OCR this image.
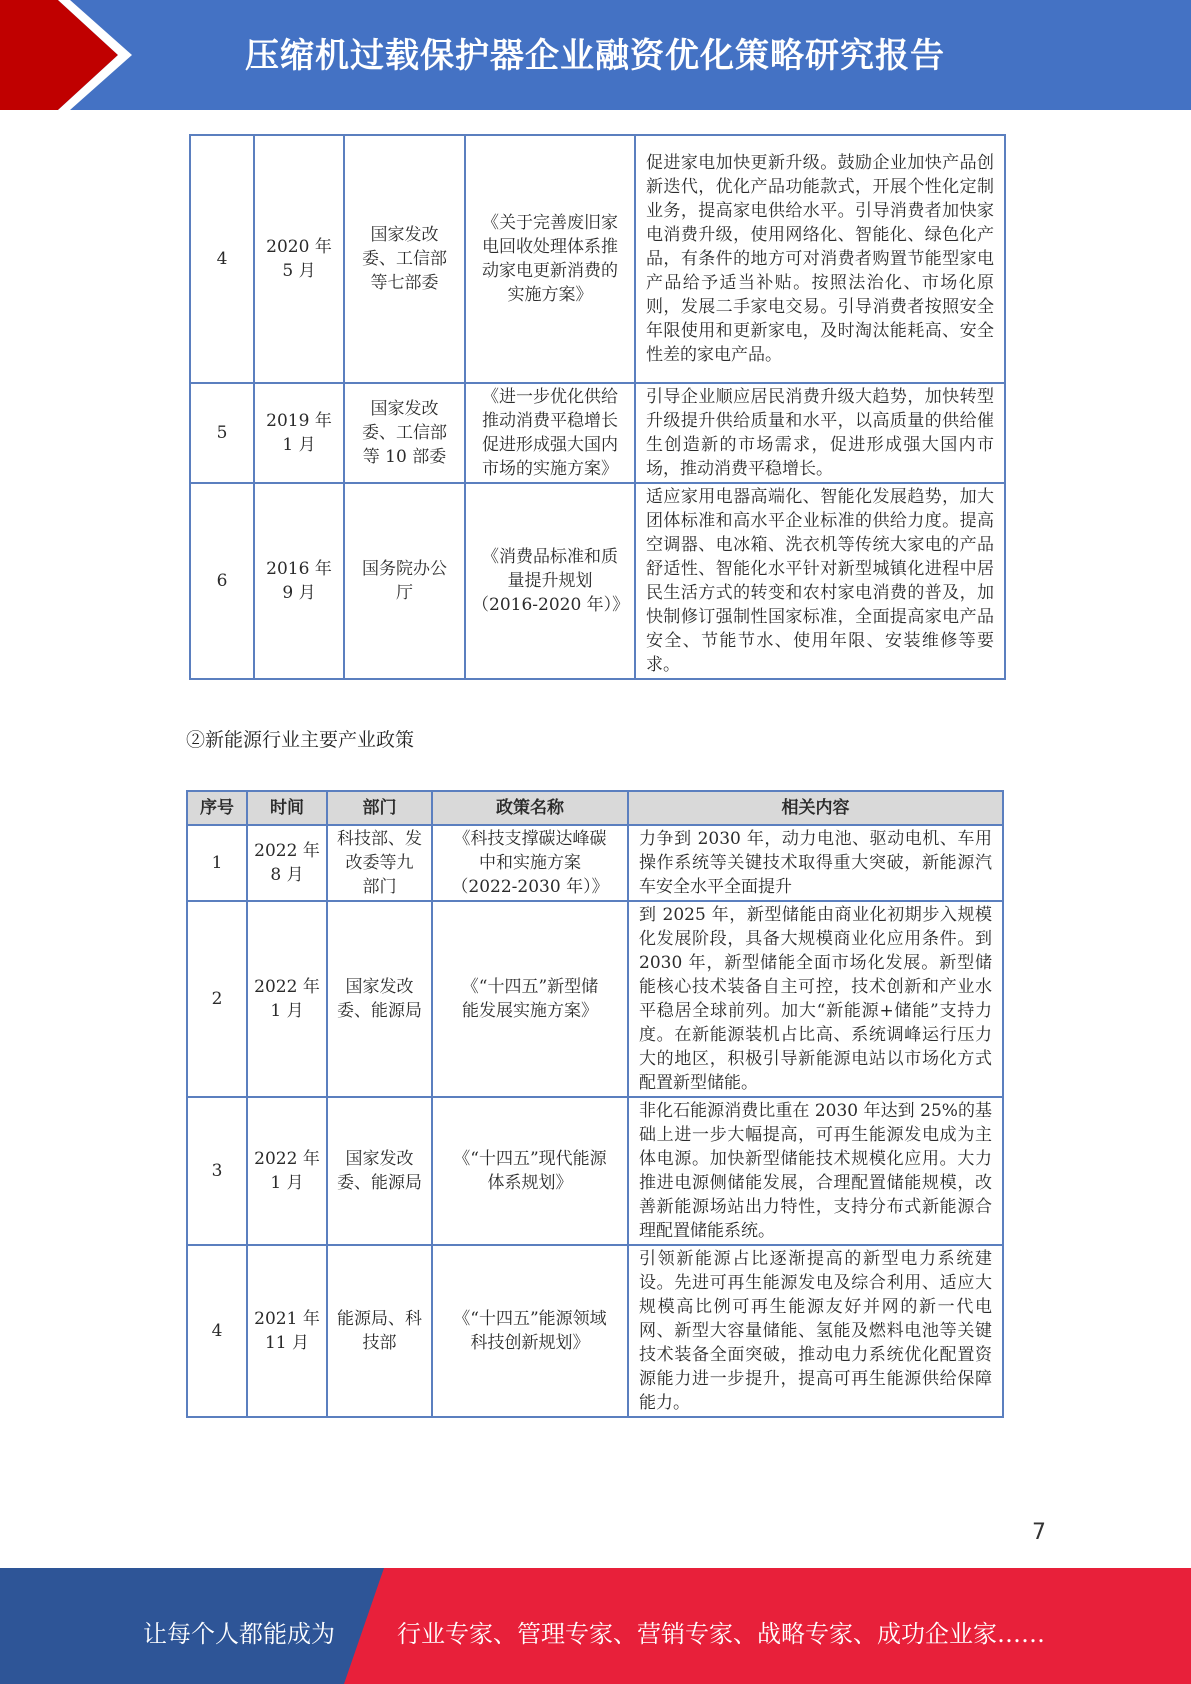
压缩机过载保护器企业融资优化策略研究报告
4	2020 年
5 月	国家发改
委、工信部
等七部委	《关于完善废旧家
电回收处理体系推
动家电更新消费的
实施方案》	促进家电加快更新升级。鼓励企业加快产品创新迭代，优化产品功能款式，开展个性化定制业务，提高家电供给水平。引导消费者加快家电消费升级，使用网络化、智能化、绿色化产品，有条件的地方可对消费者购置节能型家电产品给予适当补贴。按照法治化、市场化原则，发展二手家电交易。引导消费者按照安全年限使用和更新家电，及时淘汰能耗高、安全性差的家电产品。
5	2019 年
1 月	国家发改
委、工信部
等 10 部委	《进一步优化供给
推动消费平稳增长
促进形成强大国内
市场的实施方案》	引导企业顺应居民消费升级大趋势，加快转型升级提升供给质量和水平，以高质量的供给催生创造新的市场需求，促进形成强大国内市场，推动消费平稳增长。
6	2016 年
9 月	国务院办公
厅	《消费品标准和质
量提升规划
（2016-2020 年）》	适应家用电器高端化、智能化发展趋势，加大团体标准和高水平企业标准的供给力度。提高空调器、电冰箱、洗衣机等传统大家电的产品舒适性、智能化水平针对新型城镇化进程中居民生活方式的转变和农村家电消费的普及，加快制修订强制性国家标准，全面提高家电产品安全、节能节水、使用年限、安装维修等要求。
②新能源行业主要产业政策
序号	时间	部门	政策名称	相关内容
1	2022 年
8 月	科技部、发
改委等九
部门	《科技支撑碳达峰碳
中和实施方案
（2022-2030 年）》	力争到 2030 年，动力电池、驱动电机、车用操作系统等关键技术取得重大突破，新能源汽车安全水平全面提升
2	2022 年
1 月	国家发改
委、能源局	《“十四五”新型储
能发展实施方案》	到 2025 年，新型储能由商业化初期步入规模化发展阶段，具备大规模商业化应用条件。到 2030 年，新型储能全面市场化发展。新型储能核心技术装备自主可控，技术创新和产业水平稳居全球前列。加大“新能源+储能”支持力度。在新能源装机占比高、系统调峰运行压力大的地区，积极引导新能源电站以市场化方式配置新型储能。
3	2022 年
1 月	国家发改
委、能源局	《“十四五”现代能源
体系规划》	非化石能源消费比重在 2030 年达到 25%的基础上进一步大幅提高，可再生能源发电成为主体电源。加快新型储能技术规模化应用。大力推进电源侧储能发展，合理配置储能规模，改善新能源场站出力特性，支持分布式新能源合理配置储能系统。
4	2021 年
11 月	能源局、科
技部	《“十四五”能源领域
科技创新规划》	引领新能源占比逐渐提高的新型电力系统建设。先进可再生能源发电及综合利用、适应大规模高比例可再生能源友好并网的新一代电网、新型大容量储能、氢能及燃料电池等关键技术装备全面突破，推动电力系统优化配置资源能力进一步提升，提高可再生能源供给保障能力。
7
让每个人都能成为	行业专家、管理专家、营销专家、战略专家、成功企业家……
